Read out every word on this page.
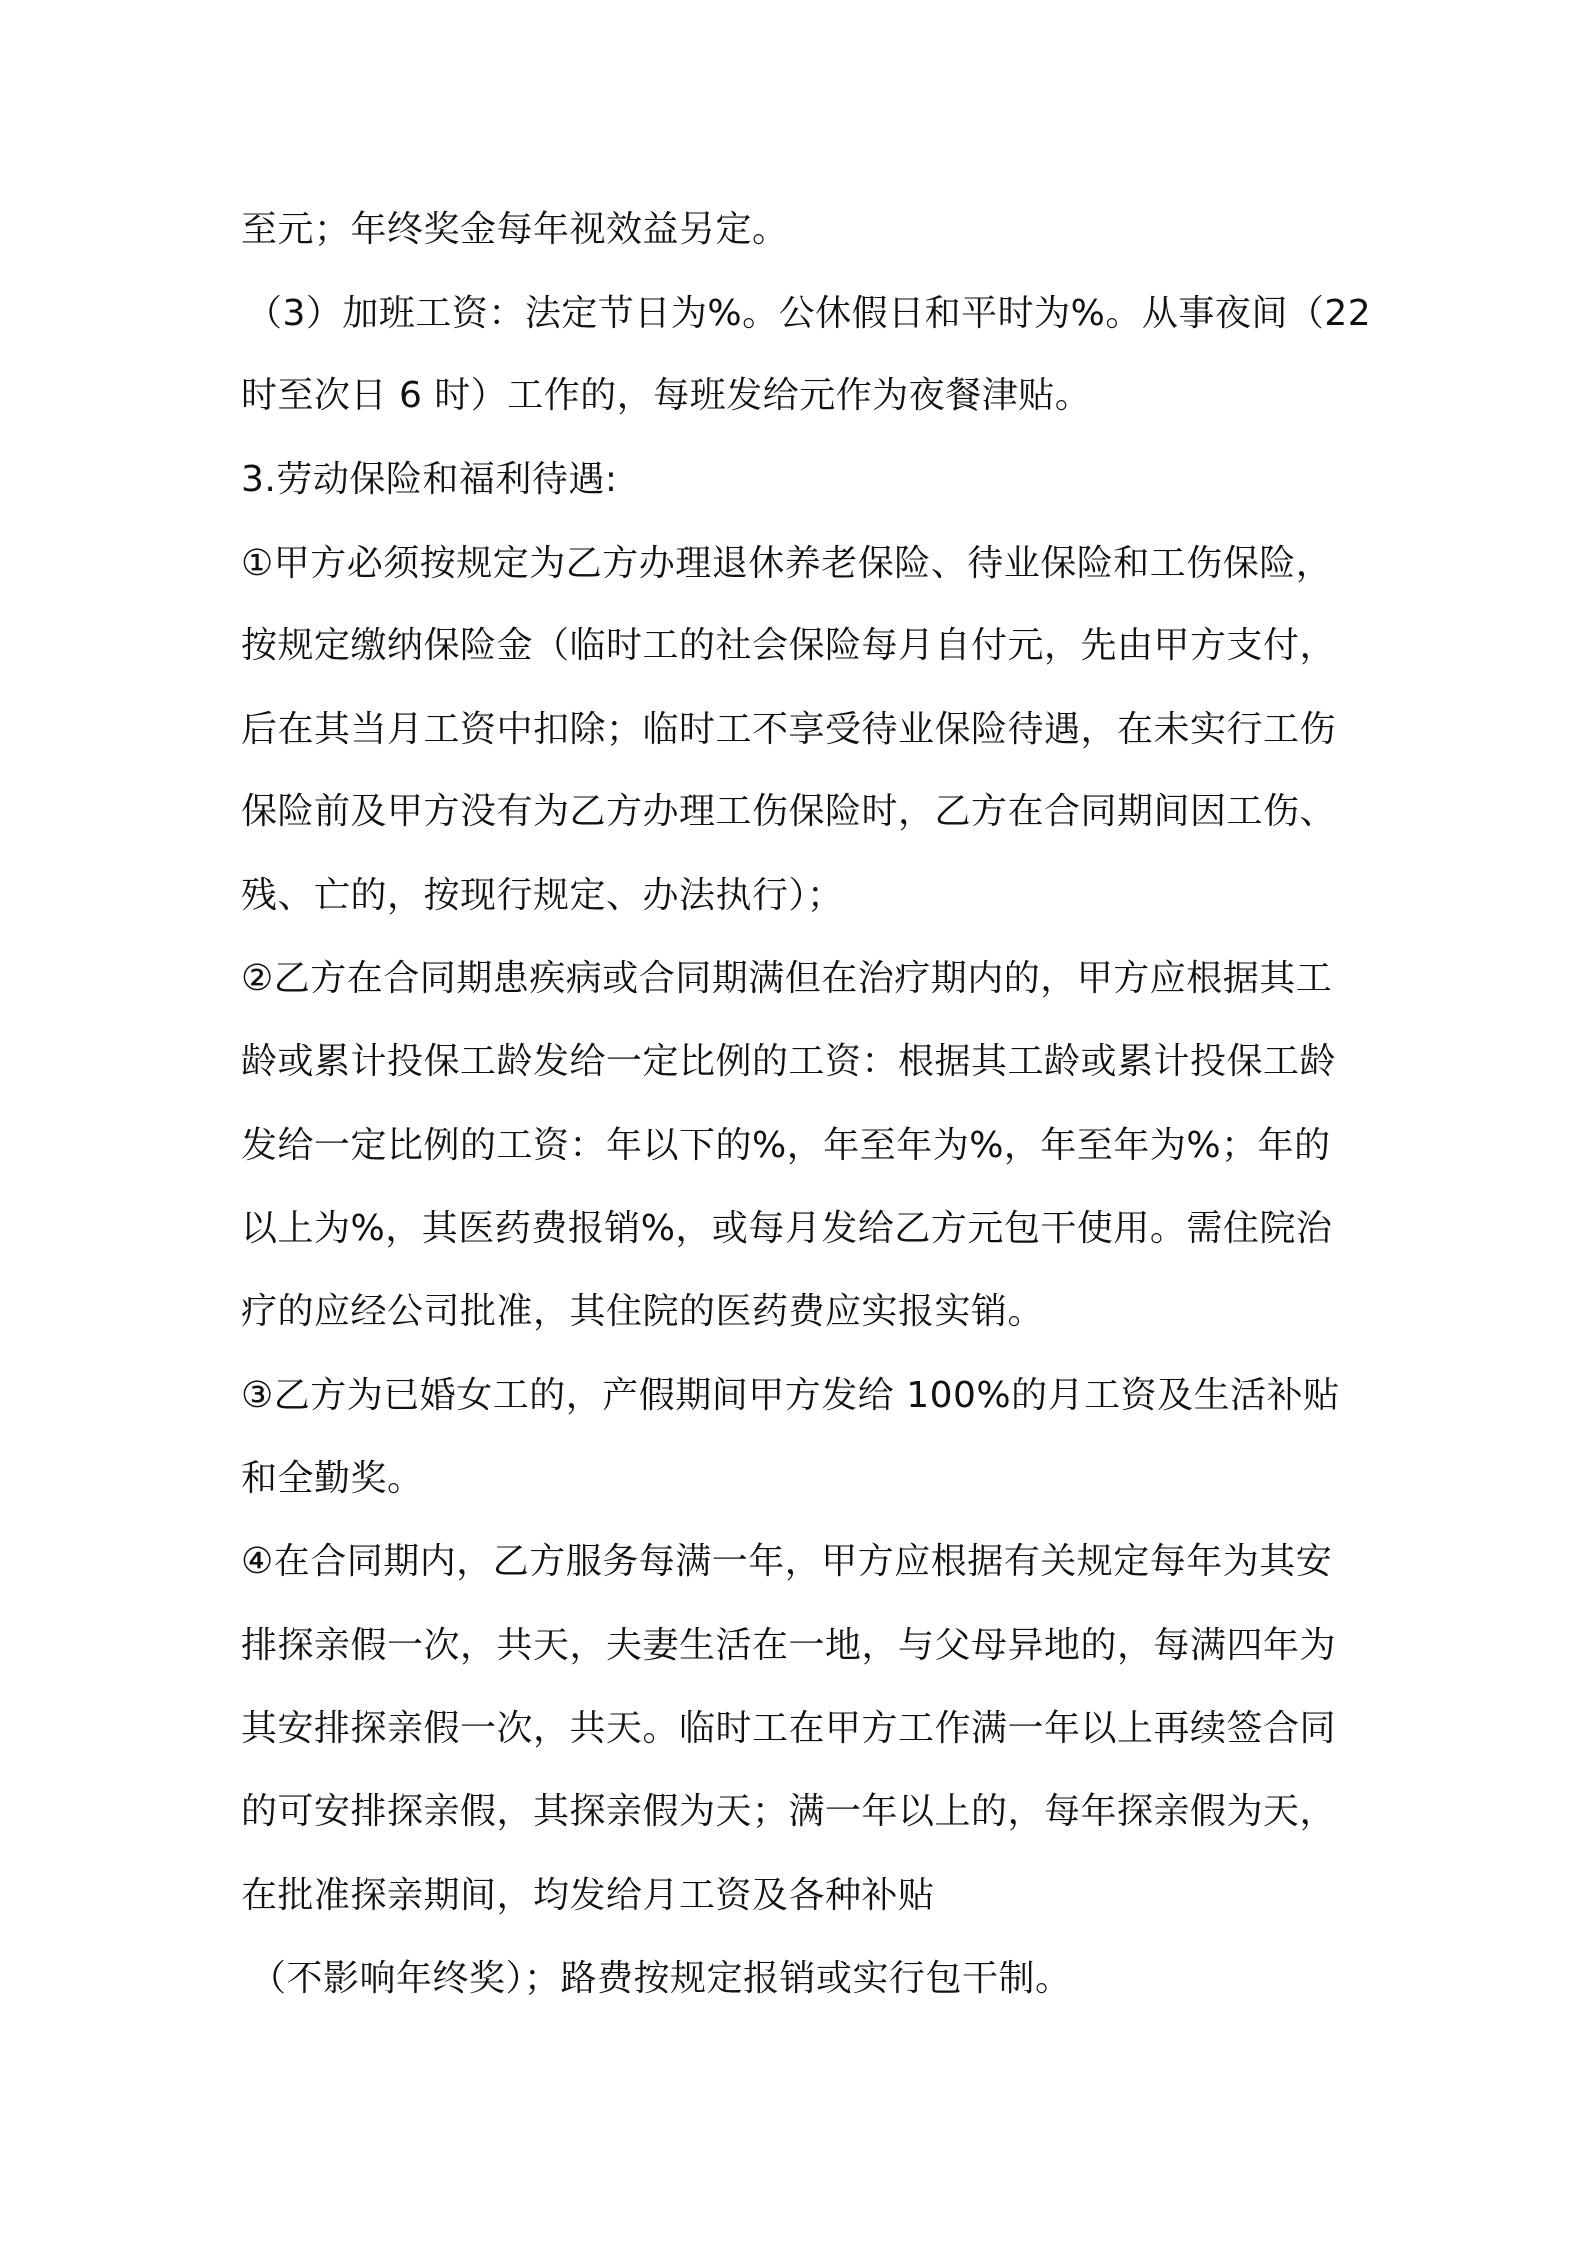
至元；年终奖金每年视效益另定。
（3）加班工资：法定节日为%。公休假日和平时为%。从事夜间（22
时至次日 6 时）工作的，每班发给元作为夜餐津贴。
3.劳动保险和福利待遇:
①甲方必须按规定为乙方办理退休养老保险、待业保险和工伤保险，
按规定缴纳保险金（临时工的社会保险每月自付元，先由甲方支付，
后在其当月工资中扣除；临时工不享受待业保险待遇，在未实行工伤
保险前及甲方没有为乙方办理工伤保险时，乙方在合同期间因工伤、
残、亡的，按现行规定、办法执行）；
②乙方在合同期患疾病或合同期满但在治疗期内的，甲方应根据其工
龄或累计投保工龄发给一定比例的工资：根据其工龄或累计投保工龄
发给一定比例的工资：年以下的%，年至年为%，年至年为%；年的
以上为%，其医药费报销%，或每月发给乙方元包干使用。需住院治
疗的应经公司批准，其住院的医药费应实报实销。
③乙方为已婚女工的，产假期间甲方发给 100%的月工资及生活补贴
和全勤奖。
④在合同期内，乙方服务每满一年，甲方应根据有关规定每年为其安
排探亲假一次，共天，夫妻生活在一地，与父母异地的，每满四年为
其安排探亲假一次，共天。临时工在甲方工作满一年以上再续签合同
的可安排探亲假，其探亲假为天；满一年以上的，每年探亲假为天，
在批准探亲期间，均发给月工资及各种补贴
（不影响年终奖）；路费按规定报销或实行包干制。
